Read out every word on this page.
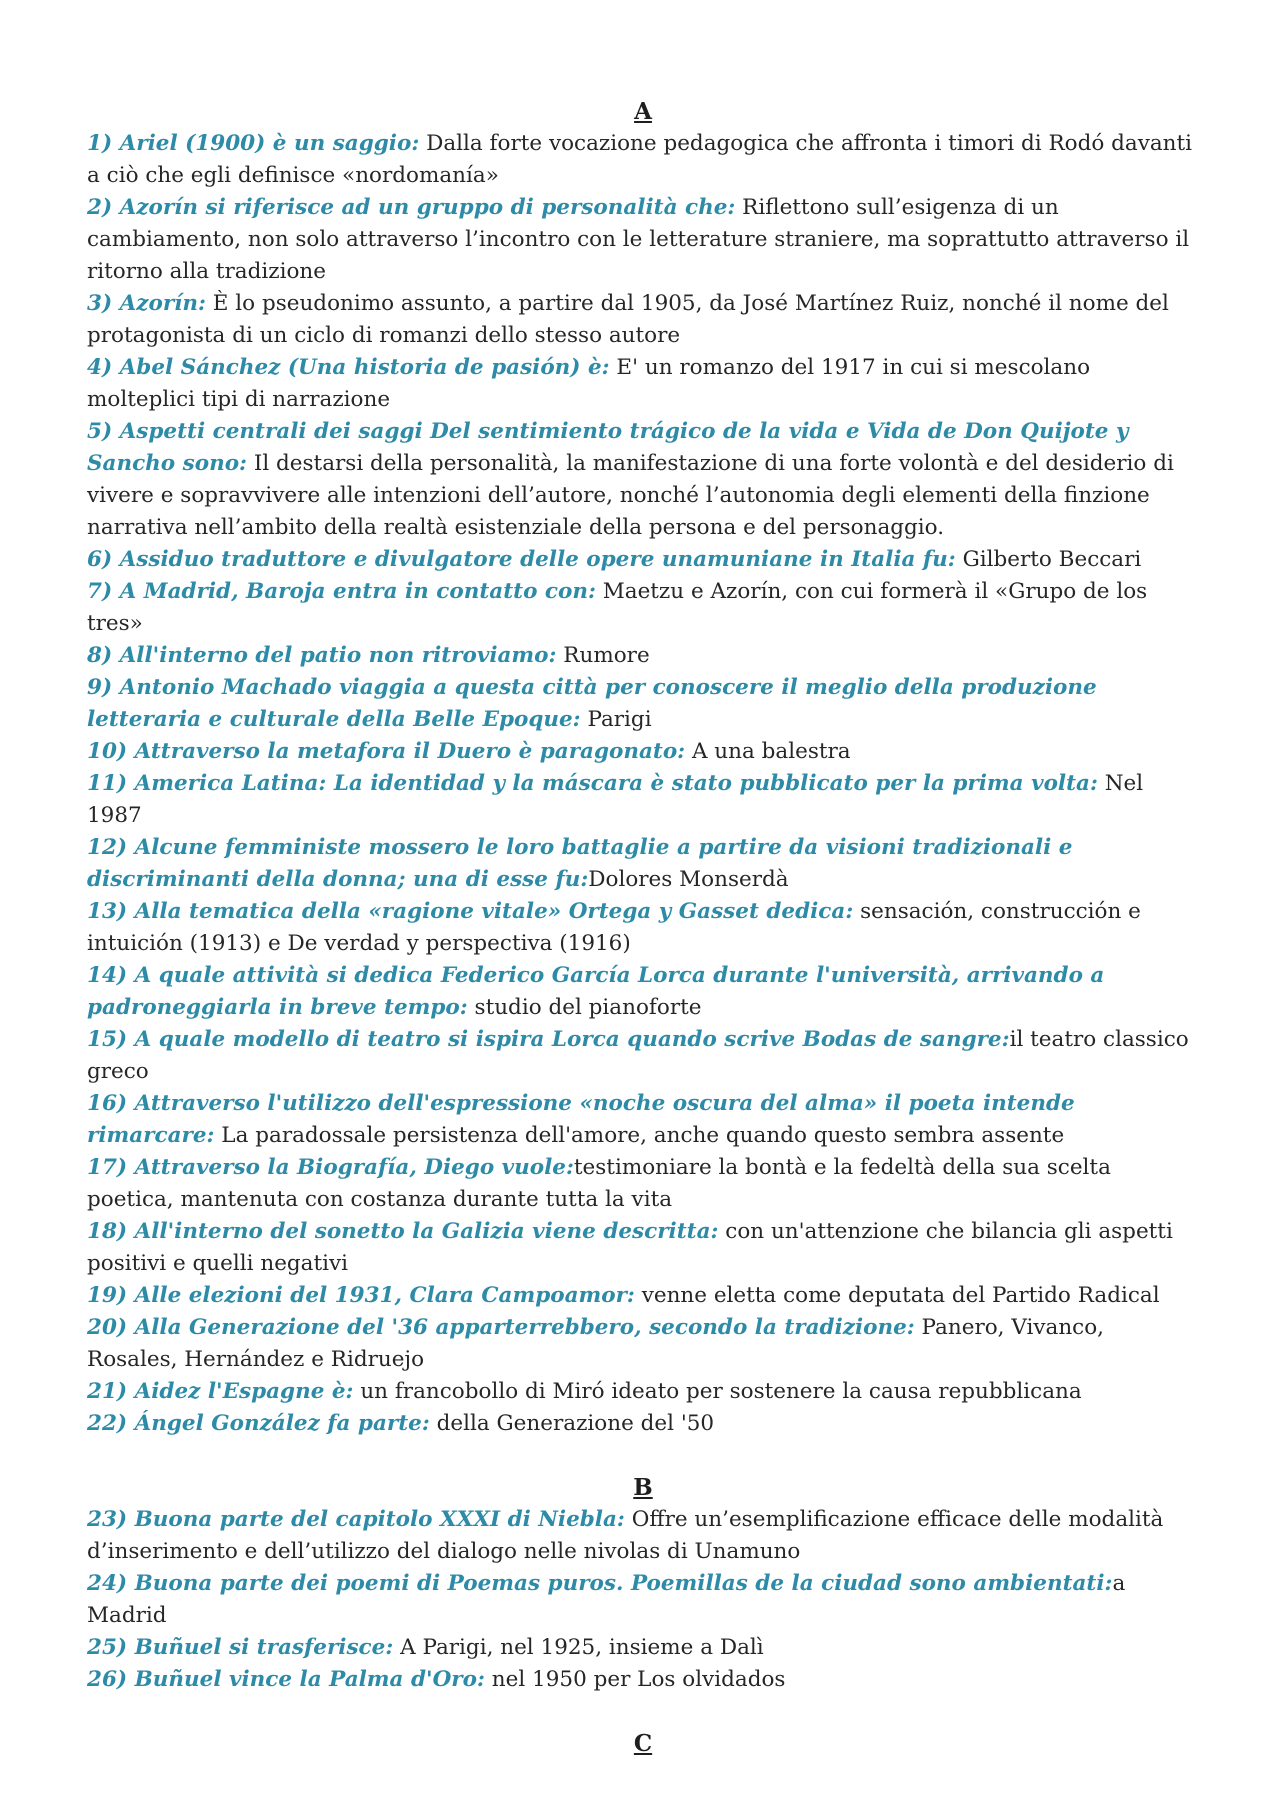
A

1) Ariel (1900) è un saggio: Dalla forte vocazione pedagogica che affronta i timori di Rodó davanti a ciò che egli definisce «nordomanía»

2) Azorín si riferisce ad un gruppo di personalità che: Riflettono sull’esigenza di un cambiamento, non solo attraverso l’incontro con le letterature straniere, ma soprattutto attraverso il ritorno alla tradizione

3) Azorín: È lo pseudonimo assunto, a partire dal 1905, da José Martínez Ruiz, nonché il nome del protagonista di un ciclo di romanzi dello stesso autore

4) Abel Sánchez (Una historia de pasión) è: E' un romanzo del 1917 in cui si mescolano molteplici tipi di narrazione

5) Aspetti centrali dei saggi Del sentimiento trágico de la vida e Vida de Don Quijote y Sancho sono: Il destarsi della personalità, la manifestazione di una forte volontà e del desiderio di vivere e sopravvivere alle intenzioni dell’autore, nonché l’autonomia degli elementi della finzione narrativa nell’ambito della realtà esistenziale della persona e del personaggio.

6) Assiduo traduttore e divulgatore delle opere unamuniane in Italia fu: Gilberto Beccari

7) A Madrid, Baroja entra in contatto con: Maetzu e Azorín, con cui formerà il «Grupo de los tres»

8) All'interno del patio non ritroviamo: Rumore

9) Antonio Machado viaggia a questa città per conoscere il meglio della produzione letteraria e culturale della Belle Epoque: Parigi

10) Attraverso la metafora il Duero è paragonato: A una balestra

11) America Latina: La identidad y la máscara è stato pubblicato per la prima volta: Nel 1987

12) Alcune femministe mossero le loro battaglie a partire da visioni tradizionali e discriminanti della donna; una di esse fu:Dolores Monserdà

13) Alla tematica della «ragione vitale» Ortega y Gasset dedica: sensación, construcción e intuición (1913) e De verdad y perspectiva (1916)

14) A quale attività si dedica Federico García Lorca durante l'università, arrivando a padroneggiarla in breve tempo: studio del pianoforte

15) A quale modello di teatro si ispira Lorca quando scrive Bodas de sangre:il teatro classico greco

16) Attraverso l'utilizzo dell'espressione «noche oscura del alma» il poeta intende rimarcare: La paradossale persistenza dell'amore, anche quando questo sembra assente

17) Attraverso la Biografía, Diego vuole:testimoniare la bontà e la fedeltà della sua scelta poetica, mantenuta con costanza durante tutta la vita

18) All'interno del sonetto la Galizia viene descritta: con un'attenzione che bilancia gli aspetti positivi e quelli negativi

19) Alle elezioni del 1931, Clara Campoamor: venne eletta come deputata del Partido Radical

20) Alla Generazione del '36 apparterrebbero, secondo la tradizione: Panero, Vivanco, Rosales, Hernández e Ridruejo

21) Aidez l'Espagne è: un francobollo di Miró ideato per sostenere la causa repubblicana

22) Ángel González fa parte: della Generazione del '50

B

23) Buona parte del capitolo XXXI di Niebla: Offre un’esemplificazione efficace delle modalità d’inserimento e dell’utilizzo del dialogo nelle nivolas di Unamuno

24) Buona parte dei poemi di Poemas puros. Poemillas de la ciudad sono ambientati:a Madrid

25) Buñuel si trasferisce: A Parigi, nel 1925, insieme a Dalì

26) Buñuel vince la Palma d'Oro: nel 1950 per Los olvidados

C
